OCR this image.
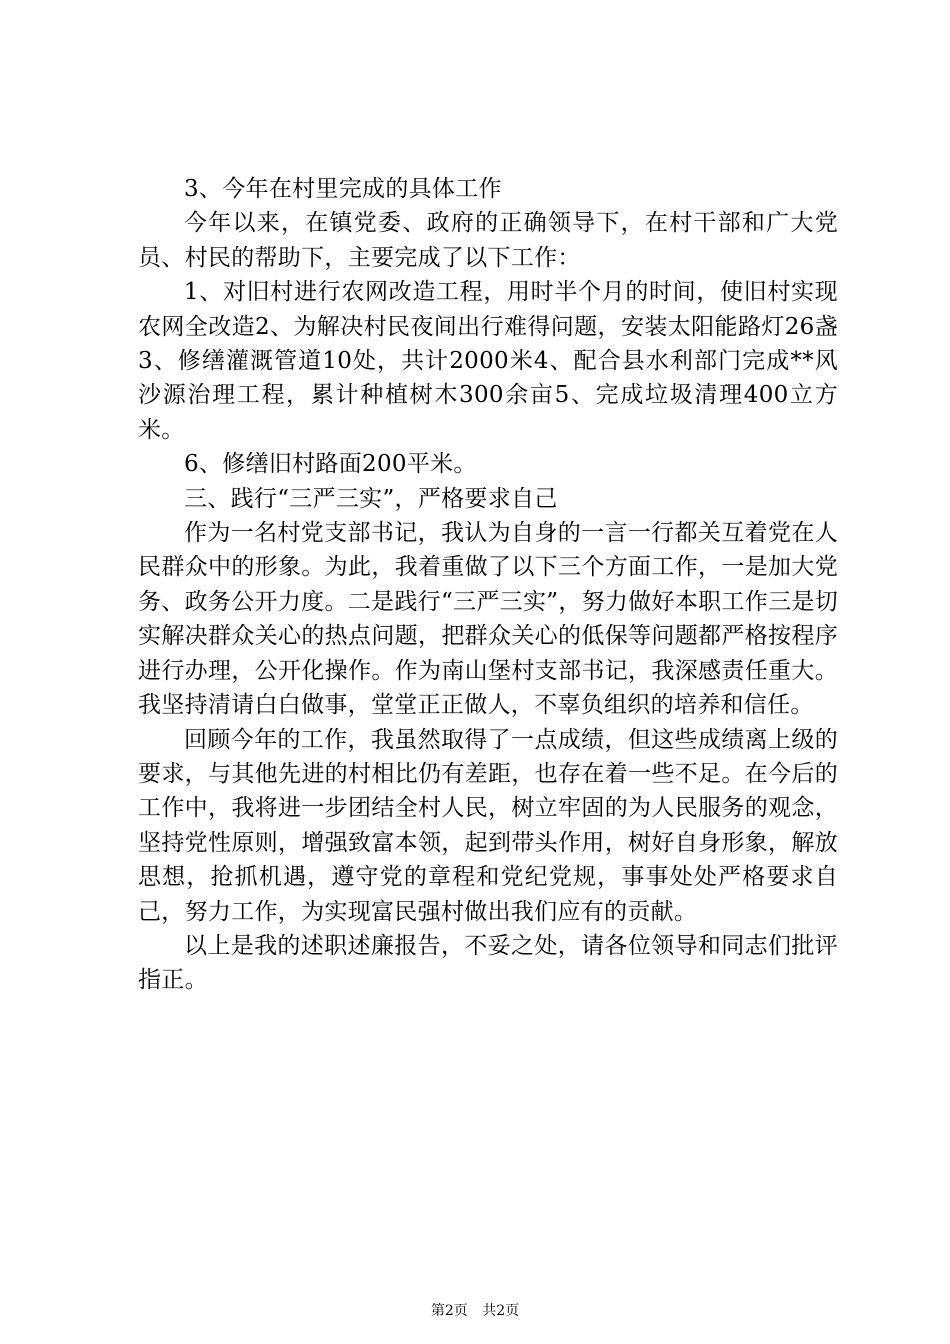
3、今年在村里完成的具体工作

今年以来，在镇党委、政府的正确领导下，在村干部和广大党员、村民的帮助下，主要完成了以下工作：

1、对旧村进行农网改造工程，用时半个月的时间，使旧村实现农网全改造2、为解决村民夜间出行难得问题，安装太阳能路灯26盏3、修缮灌溉管道10处，共计2000米4、配合县水利部门完成**风沙源治理工程，累计种植树木300余亩5、完成垃圾清理400立方米。

6、修缮旧村路面200平米。

三、践行“三严三实”，严格要求自己

作为一名村党支部书记，我认为自身的一言一行都关互着党在人民群众中的形象。为此，我着重做了以下三个方面工作，一是加大党务、政务公开力度。二是践行“三严三实”，努力做好本职工作三是切实解决群众关心的热点问题，把群众关心的低保等问题都严格按程序进行办理，公开化操作。作为南山堡村支部书记，我深感责任重大。我坚持清请白白做事，堂堂正正做人，不辜负组织的培养和信任。

回顾今年的工作，我虽然取得了一点成绩，但这些成绩离上级的要求，与其他先进的村相比仍有差距，也存在着一些不足。在今后的工作中，我将进一步团结全村人民，树立牢固的为人民服务的观念，坚持党性原则，增强致富本领，起到带头作用，树好自身形象，解放思想，抢抓机遇，遵守党的章程和党纪党规，事事处处严格要求自己，努力工作，为实现富民强村做出我们应有的贡献。

以上是我的述职述廉报告，不妥之处，请各位领导和同志们批评指正。

第2页 共2页
